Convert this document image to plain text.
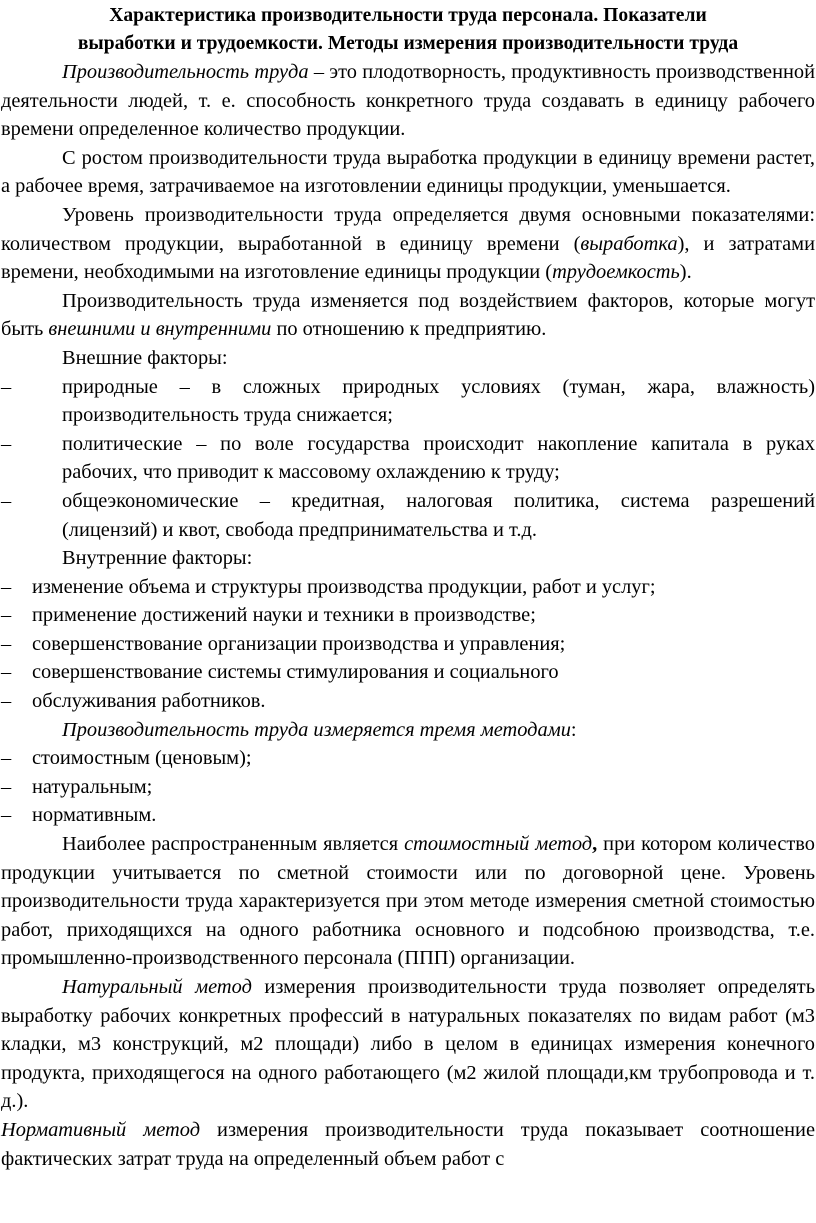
Характеристика производительности труда персонала. Показатели
выработки и трудоемкости. Методы измерения производительности труда

Производительность труда – это плодотворность, продуктивность производственной деятельности людей, т. е. способность конкретного труда создавать в единицу рабочего времени определенное количество продукции.

С ростом производительности труда выработка продукции в единицу времени растет, а рабочее время, затрачиваемое на изготовлении единицы продукции, уменьшается.

Уровень производительности труда определяется двумя основными показателями: количеством продукции, выработанной в единицу времени (выработка), и затратами времени, необходимыми на изготовление единицы продукции (трудоемкость).

Производительность труда изменяется под воздействием факторов, которые могут быть внешними и внутренними по отношению к предприятию.

Внешние факторы:

–	природные – в сложных природных условиях (туман, жара, влажность) производительность труда снижается;
–	политические – по воле государства происходит накопление капитала в руках рабочих, что приводит к массовому охлаждению к труду;
–	общеэкономические – кредитная, налоговая политика, система разрешений (лицензий) и квот, свобода предпринимательства и т.д.

Внутренние факторы:

–	изменение объема и структуры производства продукции, работ и услуг;
–	применение достижений науки и техники в производстве;
–	совершенствование организации производства и управления;
–	совершенствование системы стимулирования и социального
–	обслуживания работников.

Производительность труда измеряется тремя методами:

–	стоимостным (ценовым);
–	натуральным;
–	нормативным.

Наиболее распространенным является стоимостный метод, при котором количество продукции учитывается по сметной стоимости или по договорной цене. Уровень производительности труда характеризуется при этом методе измерения сметной стоимостью работ, приходящихся на одного работника основного и подсобною производства, т.е. промышленно-производственного персонала (ППП) организации.

Натуральный метод измерения производительности труда позволяет определять выработку рабочих конкретных профессий в натуральных показателях по видам работ (м3 кладки, м3 конструкций, м2 площади) либо в целом в единицах измерения конечного продукта, приходящегося на одного работающего (м2 жилой площади,км трубопровода и т. д.).

Нормативный метод измерения производительности труда показывает соотношение фактических затрат труда на определенный объем работ с
